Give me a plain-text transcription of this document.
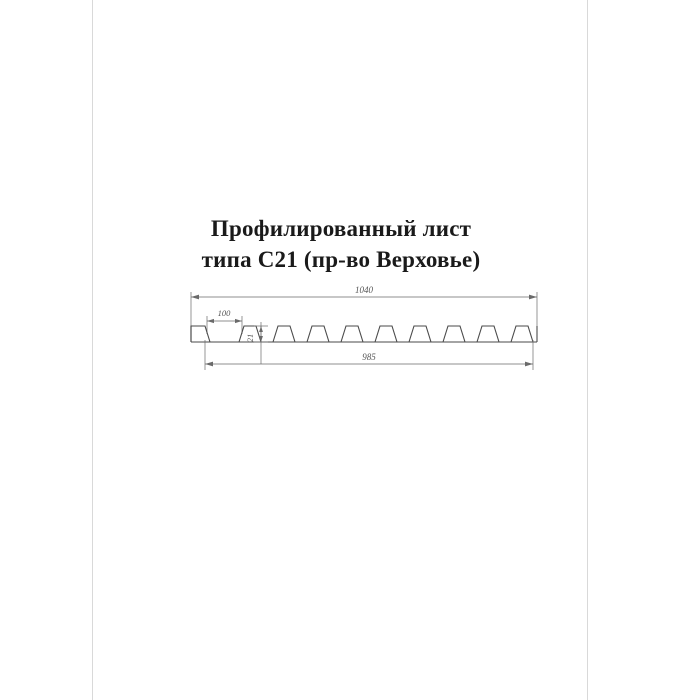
Профилированный лист
типа С21 (пр-во Верховье)
1040
100
21
985
